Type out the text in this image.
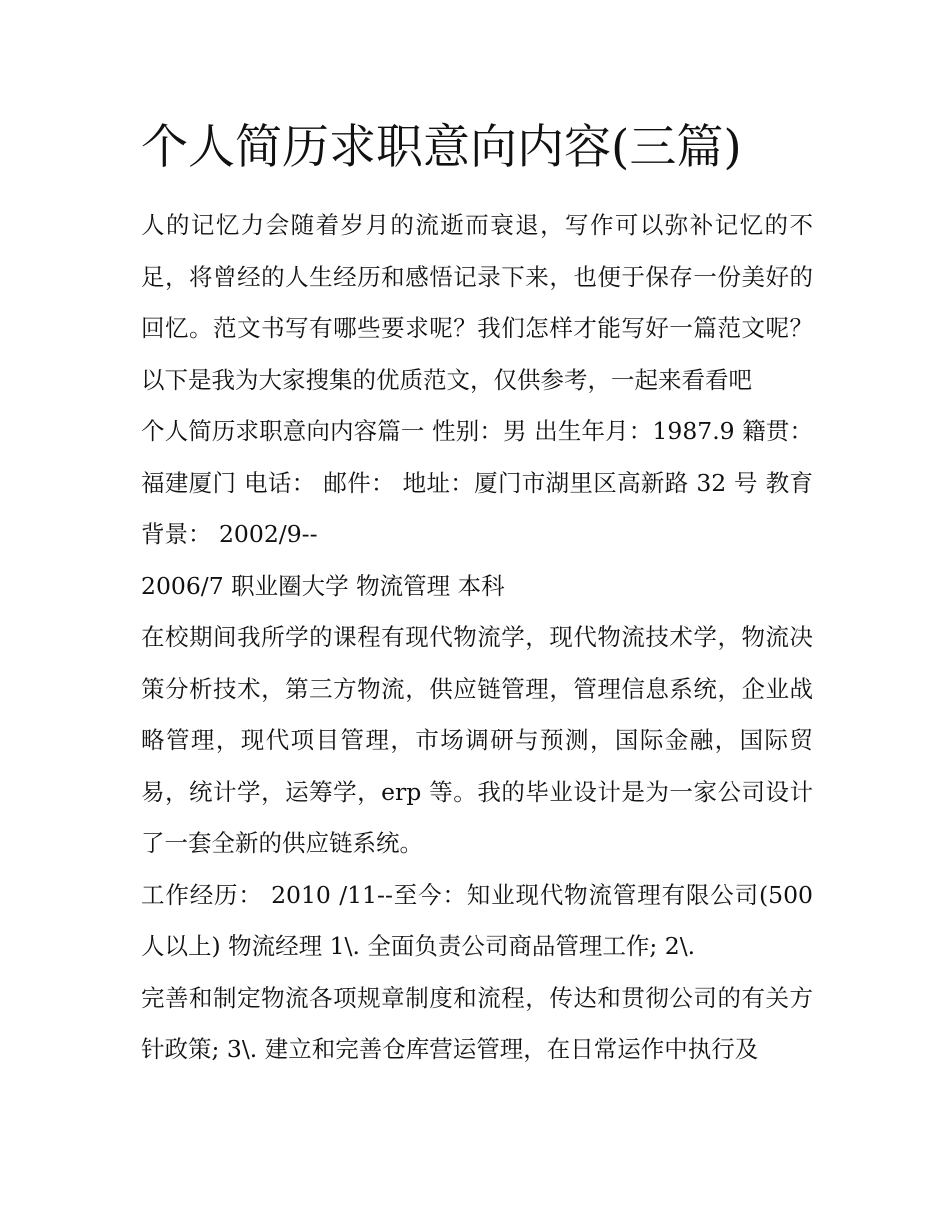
个人简历求职意向内容(三篇)

人的记忆力会随着岁月的流逝而衰退，写作可以弥补记忆的不足，将曾经的人生经历和感悟记录下来，也便于保存一份美好的回忆。范文书写有哪些要求呢？我们怎样才能写好一篇范文呢？以下是我为大家搜集的优质范文，仅供参考，一起来看看吧

个人简历求职意向内容篇一 性别：男 出生年月：1987.9 籍贯：福建厦门 电话： 邮件： 地址：厦门市湖里区高新路 32 号 教育背景： 2002/9--

2006/7 职业圈大学 物流管理 本科

在校期间我所学的课程有现代物流学，现代物流技术学，物流决策分析技术，第三方物流，供应链管理，管理信息系统，企业战略管理，现代项目管理，市场调研与预测，国际金融，国际贸易，统计学，运筹学，erp 等。我的毕业设计是为一家公司设计了一套全新的供应链系统。

工作经历： 2010 /11--至今：知业现代物流管理有限公司(500 人以上) 物流经理 1\. 全面负责公司商品管理工作; 2\.

完善和制定物流各项规章制度和流程，传达和贯彻公司的有关方针政策; 3\. 建立和完善仓库营运管理，在日常运作中执行及
